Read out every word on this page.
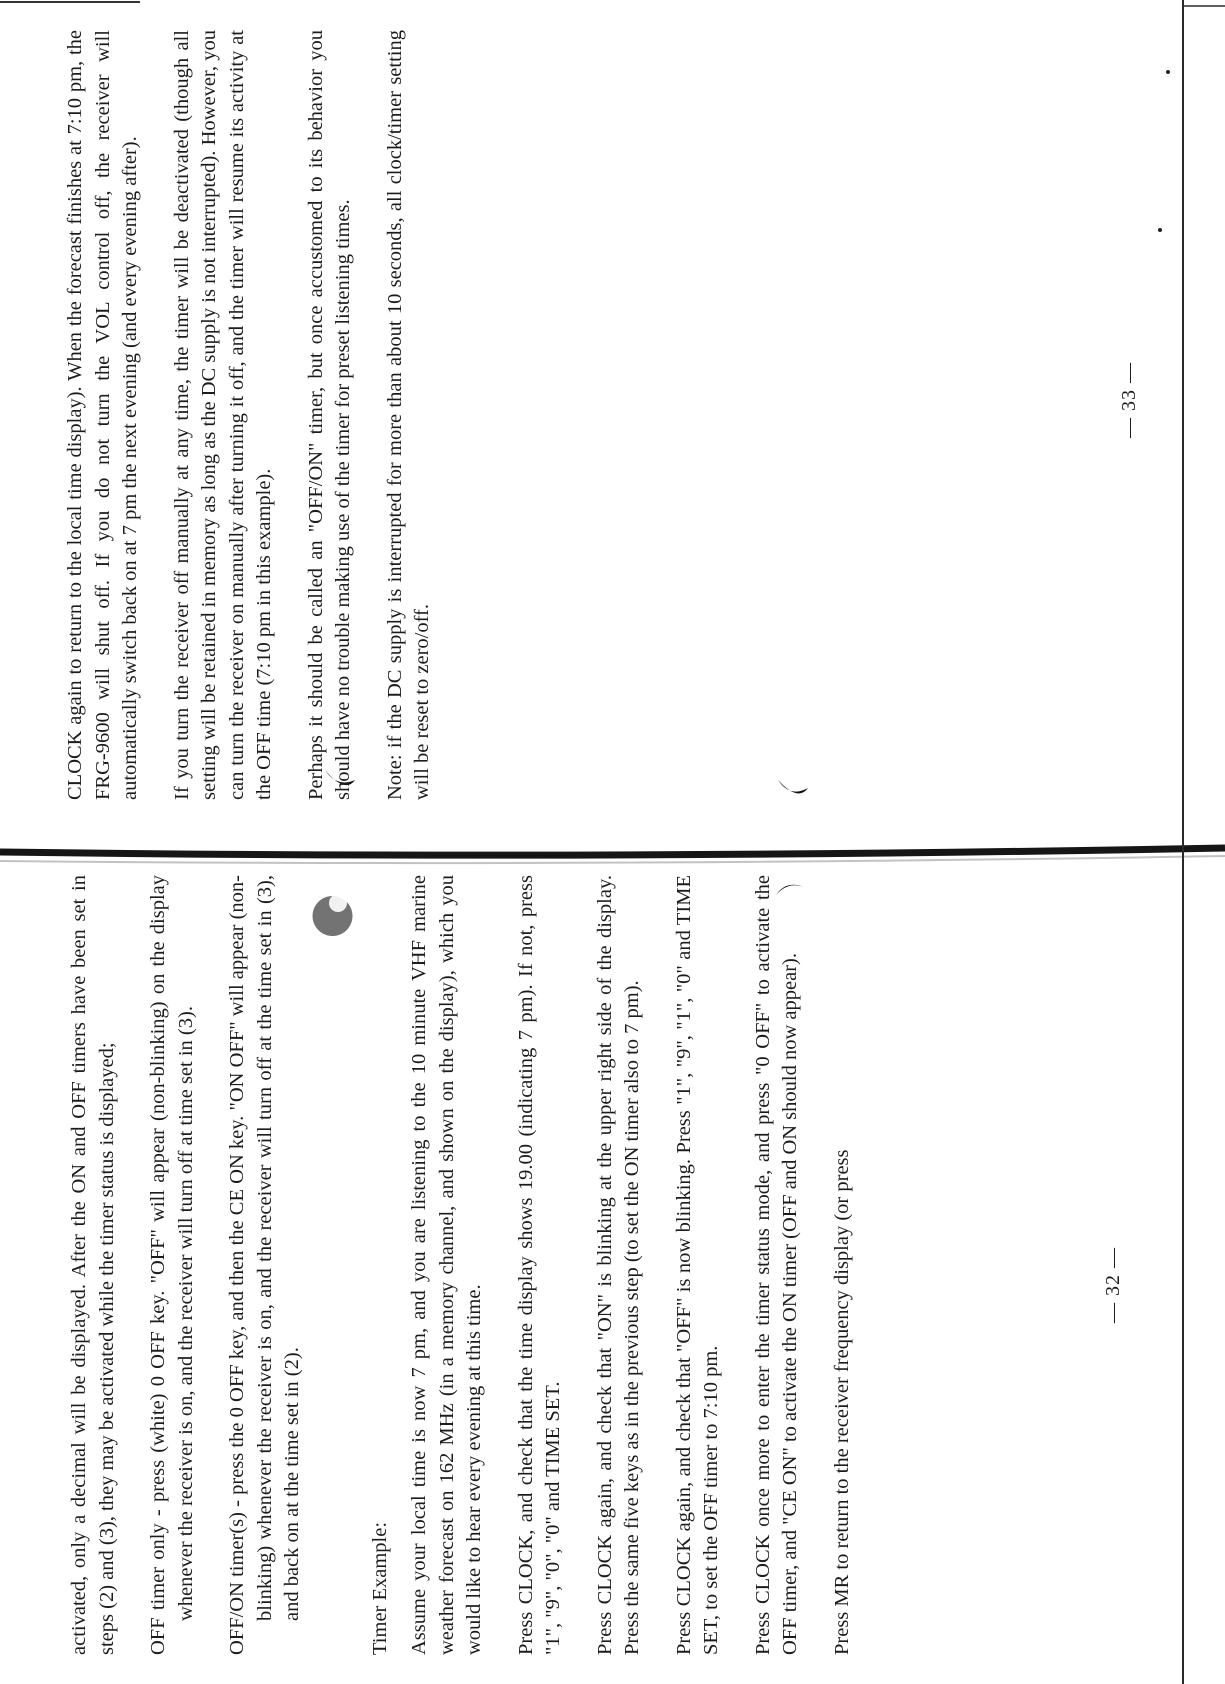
CLOCK again to return to the local time display). When the forecast finishes at 7:10 pm, the FRG-9600 will shut off. If you do not turn the VOL control off, the receiver will automatically switch back on at 7 pm the next evening (and every evening after). If you turn the receiver off manually at any time, the timer will be deactivated (though all setting will be retained in memory as long as the DC supply is not interrupted). However, you can turn the receiver on manually after turning it off, and the timer will resume its activity at the OFF time (7:10 pm in this example). Perhaps it should be called an "OFF/ON" timer, but once accustomed to its behavior you should have no trouble making use of the timer for preset listening times. Note: if the DC supply is interrupted for more than about 10 seconds, all clock/timer setting will be reset to zero/off.

— 33 —

activated, only a decimal will be displayed. After the ON and OFF timers have been set in steps (2) and (3), they may be activated while the timer status is displayed; OFF timer only - press (white) 0 OFF key. "OFF" will appear (non-blinking) on the display whenever the receiver is on, and the receiver will turn off at time set in (3). OFF/ON timer(s) - press the 0 OFF key, and then the CE ON key. "ON OFF" will appear (non-blinking) whenever the receiver is on, and the receiver will turn off at the time set in (3), and back on at the time set in (2).	Timer Example: Assume your local time is now 7 pm, and you are listening to the 10 minute VHF marine weather forecast on 162 MHz (in a memory channel, and shown on the display), which you would like to hear every evening at this time. Press CLOCK, and check that the time display shows 19.00 (indicating 7 pm). If not, press "1", "9", "0", "0" and TIME SET. Press CLOCK again, and check that "ON" is blinking at the upper right side of the display. Press the same five keys as in the previous step (to set the ON timer also to 7 pm). Press CLOCK again, and check that "OFF" is now blinking. Press "1", "9", "1", "0" and TIME SET, to set the OFF timer to 7:10 pm. Press CLOCK once more to enter the timer status mode, and press "0 OFF" to activate the OFF timer, and "CE ON" to activate the ON timer (OFF and ON should now appear). Press MR to return to the receiver frequency display (or press	— 32 —
